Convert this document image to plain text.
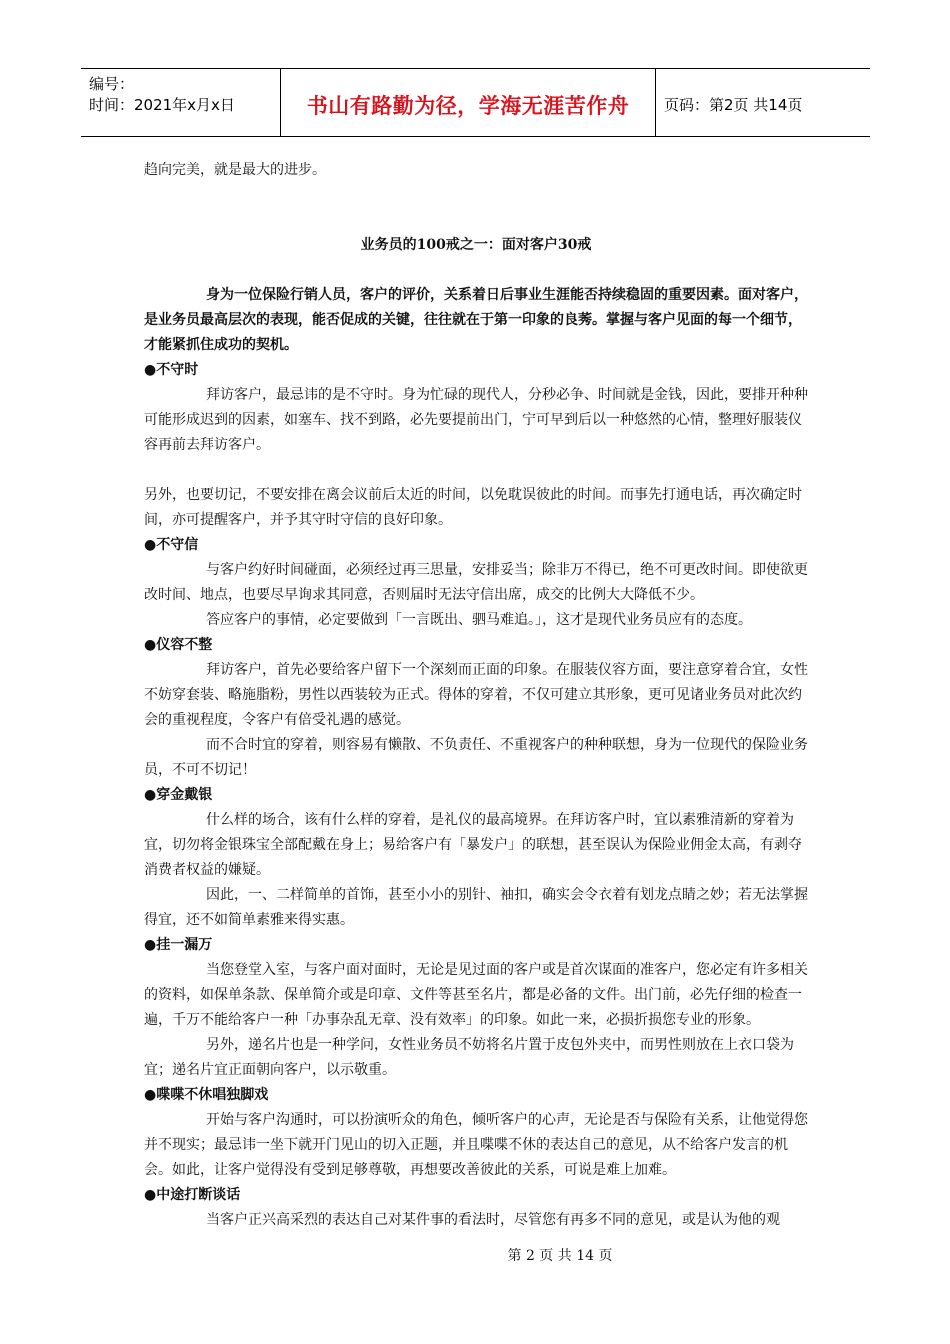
编号：
时间：2021年x月x日	书山有路勤为径，学海无涯苦作舟	页码：第2页 共14页

趋向完美，就是最大的进步。

业务员的100戒之一：面对客户30戒

身为一位保险行销人员，客户的评价，关系着日后事业生涯能否持续稳固的重要因素。面对客户，是业务员最高层次的表现，能否促成的关键，往往就在于第一印象的良莠。掌握与客户见面的每一个细节，才能紧抓住成功的契机。

●不守时

拜访客户，最忌讳的是不守时。身为忙碌的现代人，分秒必争、时间就是金钱，因此，要排开种种可能形成迟到的因素，如塞车、找不到路，必先要提前出门，宁可早到后以一种悠然的心情，整理好服装仪容再前去拜访客户。

另外，也要切记，不要安排在离会议前后太近的时间，以免耽误彼此的时间。而事先打通电话，再次确定时间，亦可提醒客户，并予其守时守信的良好印象。

●不守信

与客户约好时间碰面，必须经过再三思量，安排妥当；除非万不得已，绝不可更改时间。即使欲更改时间、地点，也要尽早询求其同意，否则届时无法守信出席，成交的比例大大降低不少。

答应客户的事情，必定要做到「一言既出、驷马难追。」，这才是现代业务员应有的态度。

●仪容不整

拜访客户，首先必要给客户留下一个深刻而正面的印象。在服装仪容方面，要注意穿着合宜，女性不妨穿套装、略施脂粉，男性以西装较为正式。得体的穿着，不仅可建立其形象，更可见诸业务员对此次约会的重视程度，令客户有倍受礼遇的感觉。

而不合时宜的穿着，则容易有懒散、不负责任、不重视客户的种种联想，身为一位现代的保险业务员，不可不切记！

●穿金戴银

什么样的场合，该有什么样的穿着，是礼仪的最高境界。在拜访客户时，宜以素雅清新的穿着为宜，切勿将金银珠宝全部配戴在身上；易给客户有「暴发户」的联想，甚至误认为保险业佣金太高，有剥夺消费者权益的嫌疑。

因此，一、二样简单的首饰，甚至小小的别针、袖扣，确实会令衣着有划龙点睛之妙；若无法掌握得宜，还不如简单素雅来得实惠。

●挂一漏万

当您登堂入室，与客户面对面时，无论是见过面的客户或是首次谋面的准客户，您必定有许多相关的资料，如保单条款、保单简介或是印章、文件等甚至名片，都是必备的文件。出门前，必先仔细的检查一遍，千万不能给客户一种「办事杂乱无章、没有效率」的印象。如此一来，必损折损您专业的形象。

另外，递名片也是一种学问，女性业务员不妨将名片置于皮包外夹中，而男性则放在上衣口袋为宜；递名片宜正面朝向客户，以示敬重。

●喋喋不休唱独脚戏

开始与客户沟通时，可以扮演听众的角色，倾听客户的心声，无论是否与保险有关系，让他觉得您并不现实；最忌讳一坐下就开门见山的切入正题，并且喋喋不休的表达自己的意见，从不给客户发言的机会。如此，让客户觉得没有受到足够尊敬，再想要改善彼此的关系，可说是难上加难。

●中途打断谈话

当客户正兴高采烈的表达自己对某件事的看法时，尽管您有再多不同的意见，或是认为他的观

第 2 页 共 14 页
